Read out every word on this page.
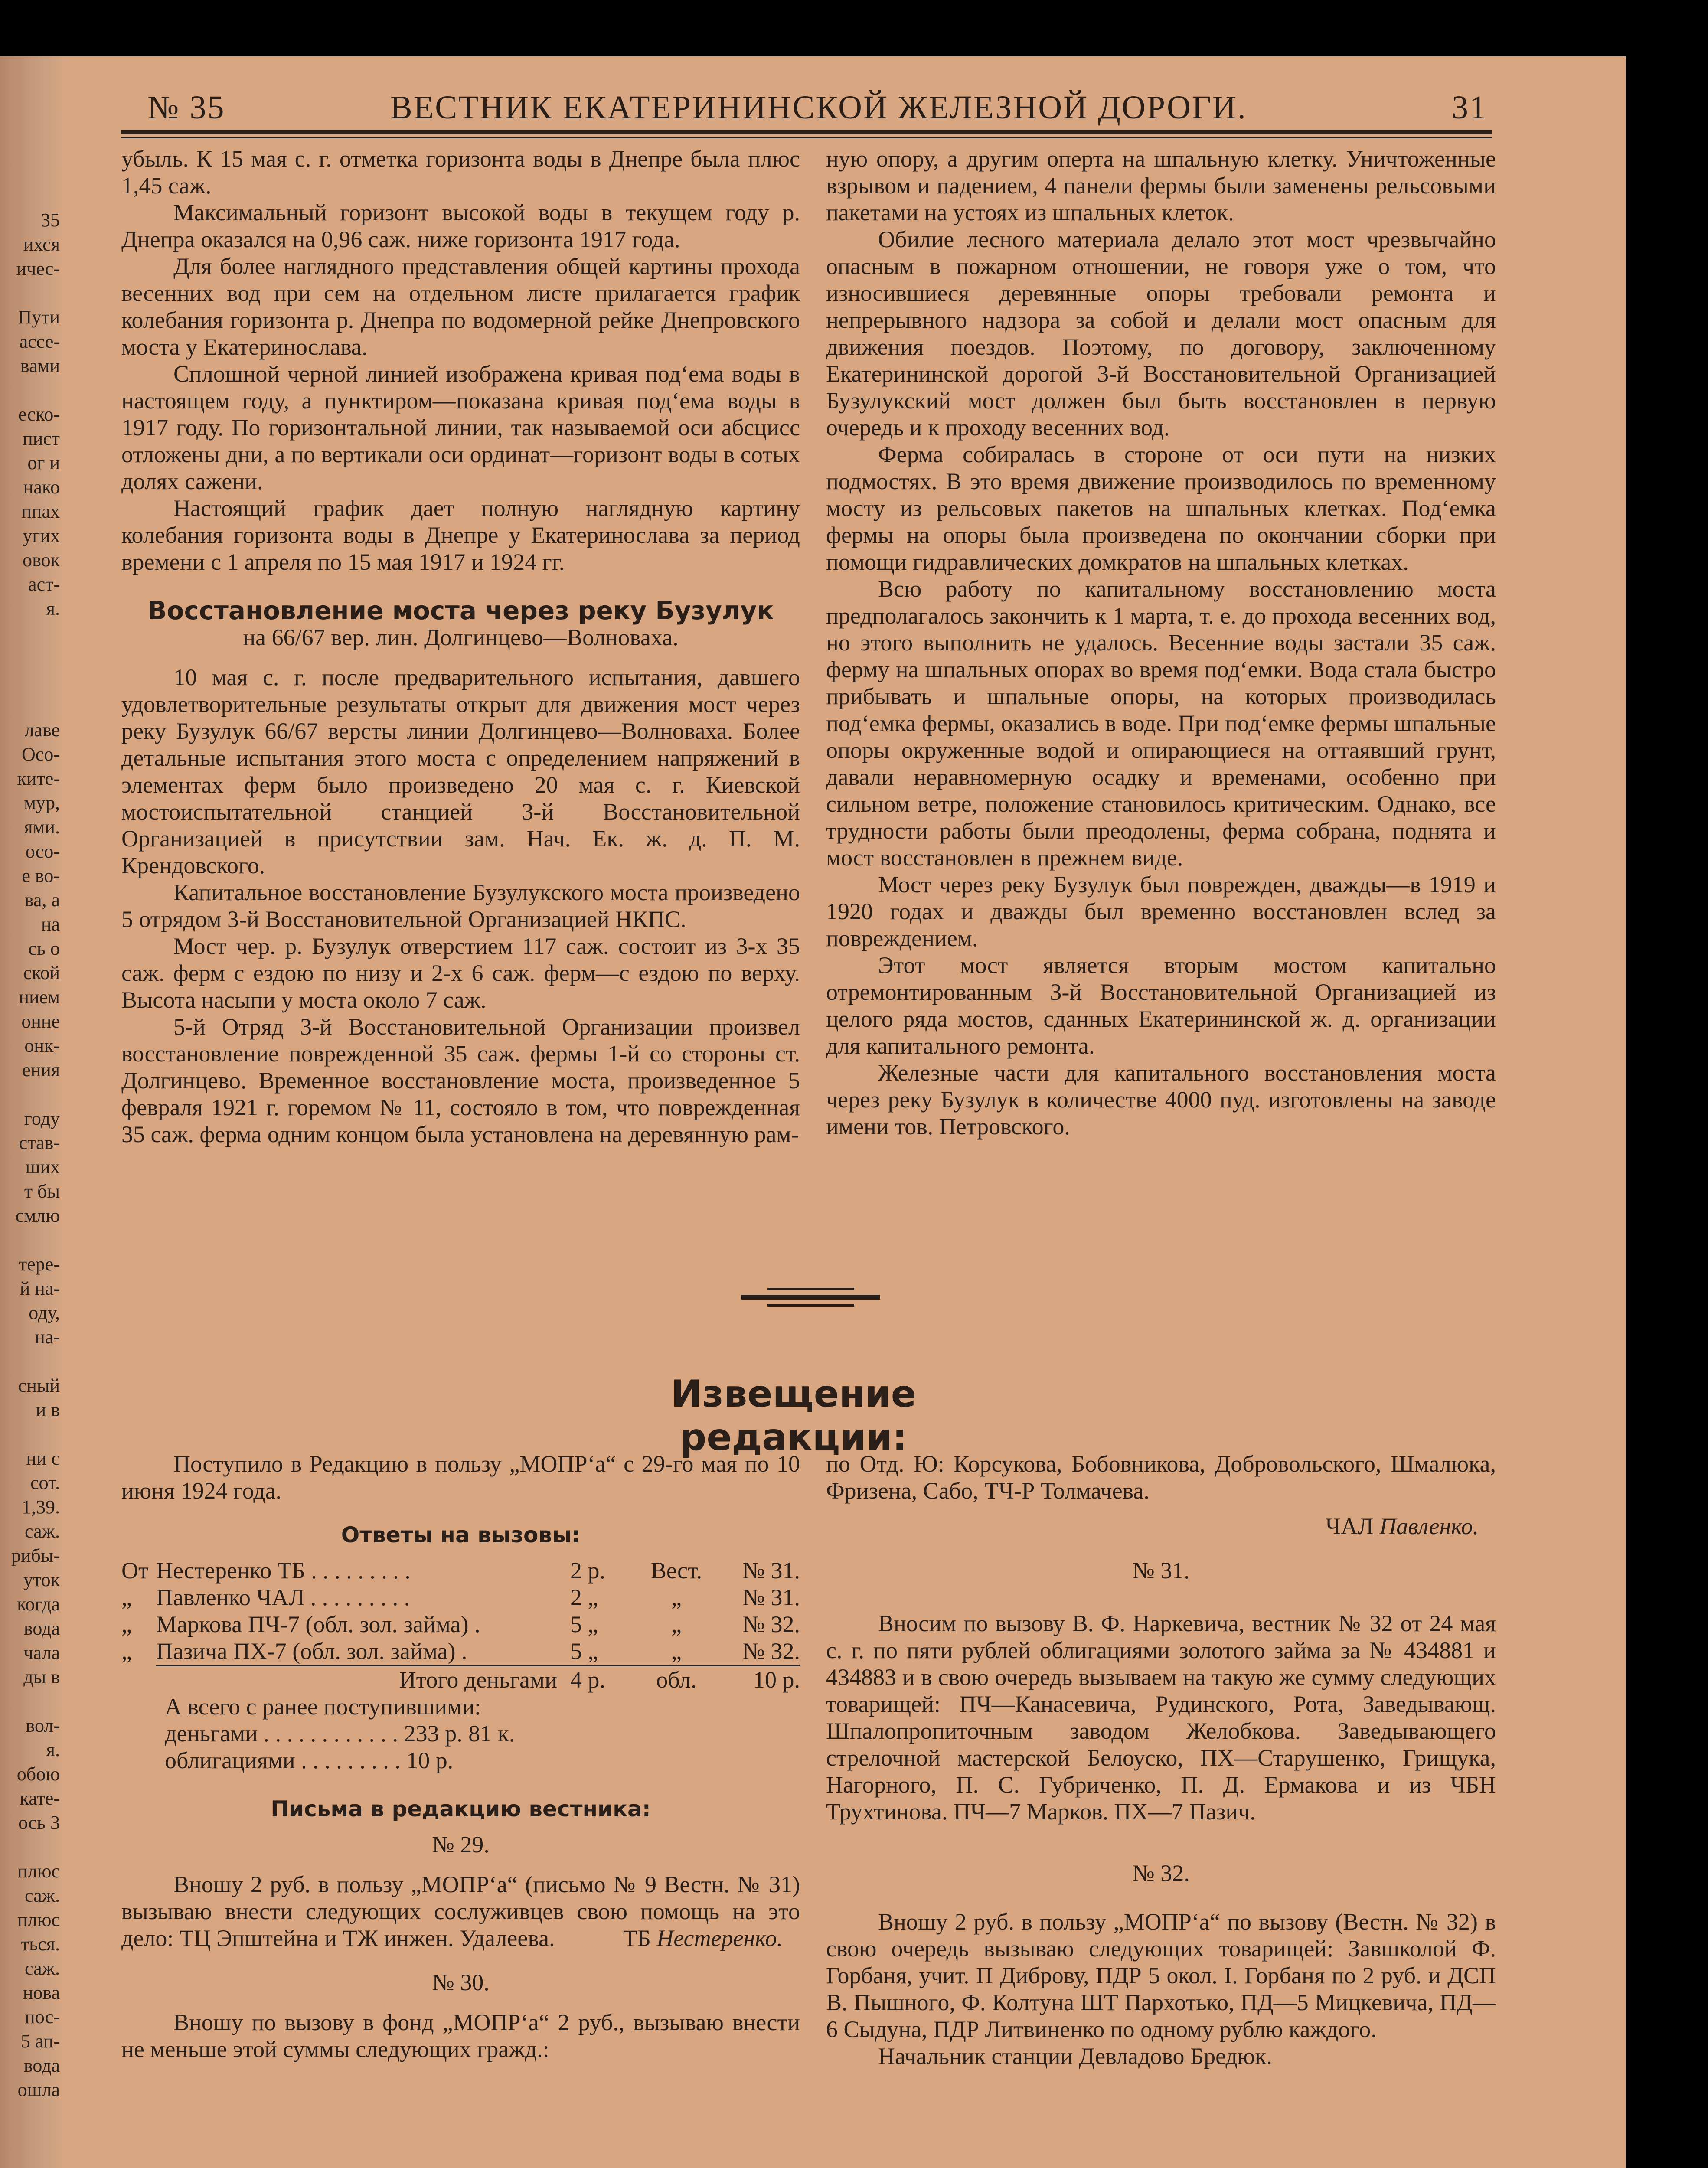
35
ихся
ичес-
Пути
ассе-
вами
еско-
пист
ог и
нако
ппах
угих
овок
аст-
я.
лаве
Осо-
ките-
мур,
ями.
осо-
е во-
ва, а
на
сь о
ской
нием
онне
онк-
ения
году
став-
ших
т бы
смлю
тере-
й на-
оду,
на-
сный
и в
ни с
сот.
1,39.
саж.
рибы-
уток
когда
вода
чала
ды в
вол-
я.
обою
кате-
ось 3
плюс
саж.
плюс
ться.
саж.
нова
пос-
5 ап-
вода
ошла
№ 35	ВЕСТНИК ЕКАТЕРИНИНСКОЙ ЖЕЛЕЗНОЙ ДОРОГИ.	31

убыль. К 15 мая с. г. отметка горизонта воды в Днепре была плюс 1,45 саж.

Максимальный горизонт высокой воды в текущем году р. Днепра оказался на 0,96 саж. ниже горизонта 1917 года.

Для более наглядного представления общей картины прохода весенних вод при сем на отдельном листе прилагается график колебания горизонта р. Днепра по водомерной рейке Днепровского моста у Екатеринослава.

Сплошной черной линией изображена кривая под‘ема воды в настоящем году, а пунктиром—показана кривая под‘ема воды в 1917 году. По горизонтальной линии, так называемой оси абсцисс отложены дни, а по вертикали оси ординат—горизонт воды в сотых долях сажени.

Настоящий график дает полную наглядную картину колебания горизонта воды в Днепре у Екатеринослава за период времени с 1 апреля по 15 мая 1917 и 1924 гг.

Восстановление моста через реку Бузулук

на 66/67 вер. лин. Долгинцево—Волноваха.

10 мая с. г. после предварительного испытания, давшего удовлетворительные результаты открыт для движения мост через реку Бузулук 66/67 версты линии Долгинцево—Волноваха. Более детальные испытания этого моста с определением напряжений в элементах ферм было произведено 20 мая с. г. Киевской мостоиспытательной станцией 3-й Восстановительной Организацией в присутствии зам. Нач. Ек. ж. д. П. М. Крендовского.

Капитальное восстановление Бузулукского моста произведено 5 отрядом 3-й Восстановительной Организацией НКПС.

Мост чер. р. Бузулук отверстием 117 саж. состоит из 3-х 35 саж. ферм с ездою по низу и 2-х 6 саж. ферм—с ездою по верху. Высота насыпи у моста около 7 саж.

5-й Отряд 3-й Восстановительной Организации произвел восстановление поврежденной 35 саж. фермы 1-й со стороны ст. Долгинцево. Временное восстановление моста, произведенное 5 февраля 1921 г. горемом № 11, состояло в том, что поврежденная 35 саж. ферма одним концом была установлена на деревянную рам-

ную опору, а другим оперта на шпальную клетку. Уничтоженные взрывом и падением, 4 панели фермы были заменены рельсовыми пакетами на устоях из шпальных клеток.

Обилие лесного материала делало этот мост чрезвычайно опасным в пожарном отношении, не говоря уже о том, что износившиеся деревянные опоры требовали ремонта и непрерывного надзора за собой и делали мост опасным для движения поездов. Поэтому, по договору, заключенному Екатерининской дорогой 3-й Восстановительной Организацией Бузулукский мост должен был быть восстановлен в первую очередь и к проходу весенних вод.

Ферма собиралась в стороне от оси пути на низких подмостях. В это время движение производилось по временному мосту из рельсовых пакетов на шпальных клетках. Под‘емка фермы на опоры была произведена по окончании сборки при помощи гидравлических домкратов на шпальных клетках.

Всю работу по капитальному восстановлению моста предполагалось закончить к 1 марта, т. е. до прохода весенних вод, но этого выполнить не удалось. Весенние воды застали 35 саж. ферму на шпальных опорах во время под‘емки. Вода стала быстро прибывать и шпальные опоры, на которых производилась под‘емка фермы, оказались в воде. При под‘емке фермы шпальные опоры окруженные водой и опирающиеся на оттаявший грунт, давали неравномерную осадку и временами, особенно при сильном ветре, положение становилось критическим. Однако, все трудности работы были преодолены, ферма собрана, поднята и мост восстановлен в прежнем виде.

Мост через реку Бузулук был поврежден, дважды—в 1919 и 1920 годах и дважды был временно восстановлен вслед за повреждением.

Этот мост является вторым мостом капитально отремонтированным 3-й Восстановительной Организацией из целого ряда мостов, сданных Екатерининской ж. д. организации для капитального ремонта.

Железные части для капитального восстановления моста через реку Бузулук в количестве 4000 пуд. изготовлены на заводе имени тов. Петровского.

Извещение редакции:

Поступило в Редакцию в пользу „МОПР‘а“ с 29-го мая по 10 июня 1924 года.

Ответы на вызовы:

От	Нестеренко ТБ . . . . . . . . .	2 р.	Вест.	№ 31.
„	Павленко ЧАЛ . . . . . . . . .	2 „	„	№ 31.
„	Маркова ПЧ-7 (обл. зол. займа) .	5 „	„	№ 32.
„	Пазича ПХ-7 (обл. зол. займа) .	5 „	„	№ 32.
	Итого деньгами	4 р.	обл.	10 р.
А всего с ранее поступившими:
деньгами . . . . . . . . . . . . 233 р. 81 к.
облигациями . . . . . . . . . 10 р.

Письма в редакцию вестника:

№ 29.

Вношу 2 руб. в пользу „МОПР‘а“ (письмо № 9 Вестн. № 31) вызываю внести следующих сослуживцев свою помощь на это дело: ТЦ Эпштейна и ТЖ инжен. Удалеева.	ТБ Нестеренко.

№ 30.

Вношу по вызову в фонд „МОПР‘а“ 2 руб., вызываю внести не меньше этой суммы следующих гражд.:

по Отд. Ю: Корсукова, Бобовникова, Добровольского, Шмалюка, Фризена, Сабо, ТЧ-Р Толмачева.

ЧАЛ Павленко.

№ 31.

Вносим по вызову В. Ф. Наркевича, вестник № 32 от 24 мая с. г. по пяти рублей облигациями золотого займа за № 434881 и 434883 и в свою очередь вызываем на такую же сумму следующих товарищей: ПЧ—Канасевича, Рудинского, Рота, Заведывающ. Шпалопропиточным заводом Желобкова. Заведывающего стрелочной мастерской Белоуско, ПХ—Старушенко, Грищука, Нагорного, П. С. Губриченко, П. Д. Ермакова и из ЧБН Трухтинова. ПЧ—7 Марков. ПХ—7 Пазич.

№ 32.

Вношу 2 руб. в пользу „МОПР‘а“ по вызову (Вестн. № 32) в свою очередь вызываю следующих товарищей: Завшколой Ф. Горбаня, учит. П Диброву, ПДР 5 окол. I. Горбаня по 2 руб. и ДСП В. Пышного, Ф. Колтуна ШТ Пархотько, ПД—5 Мицкевича, ПД—6 Сыдуна, ПДР Литвиненко по одному рублю каждого.

Начальник станции Девладово Бредюк.
